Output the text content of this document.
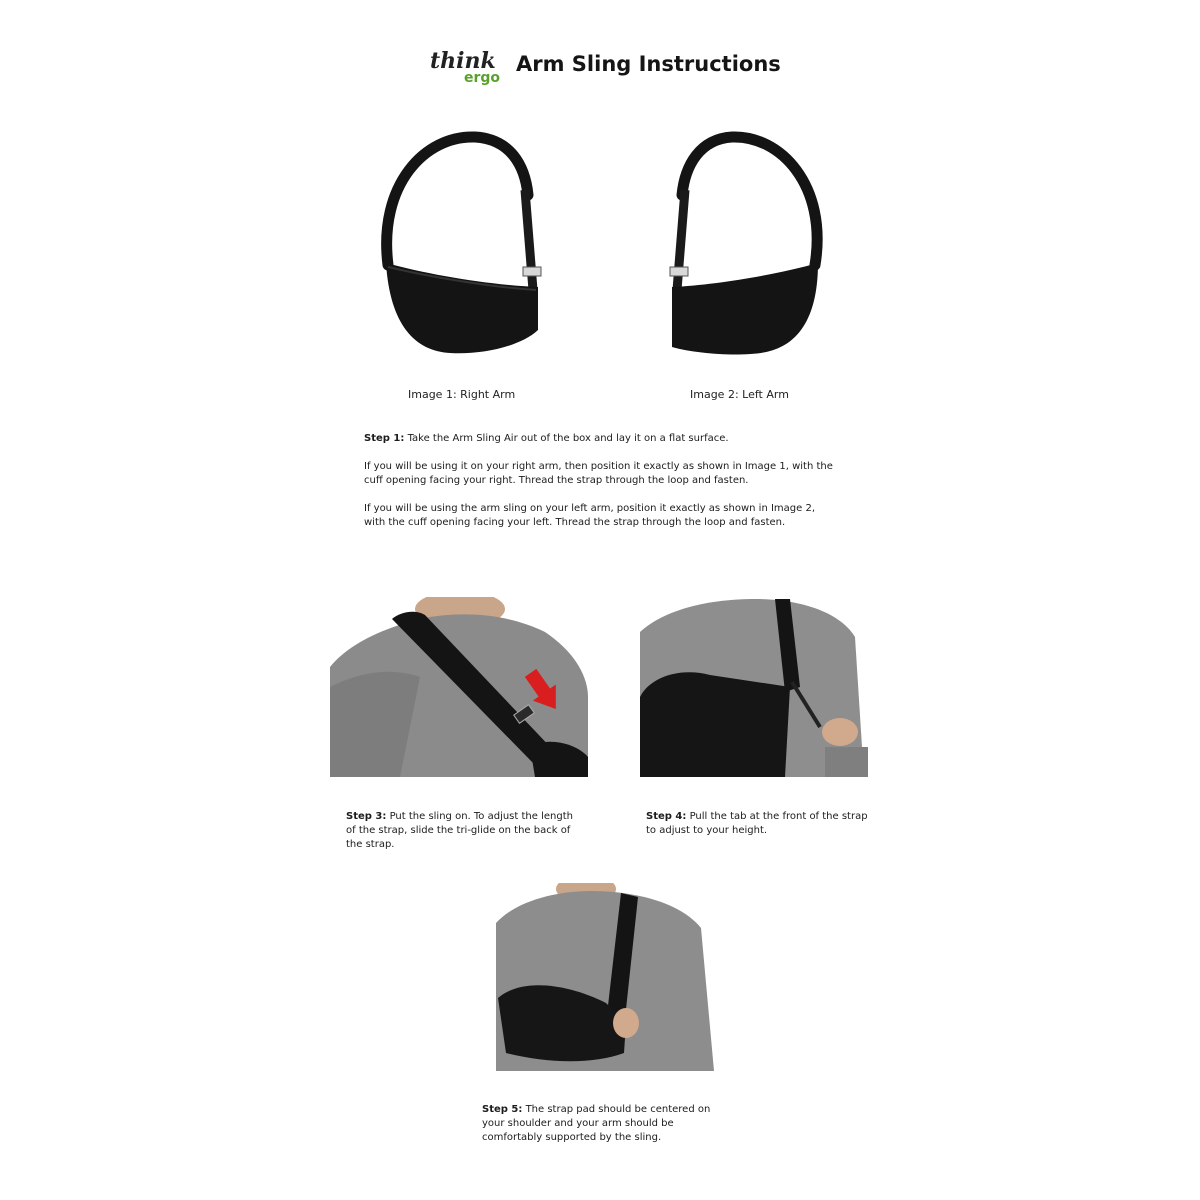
think
ergo
Arm Sling Instructions
Image 1: Right Arm	Image 2: Left Arm

Step 1: Take the Arm Sling Air out of the box and lay it on a flat surface.

If you will be using it on your right arm, then position it exactly as shown in Image 1, with the cuff opening facing your right. Thread the strap through the loop and fasten.

If you will be using the arm sling on your left arm, position it exactly as shown in Image 2, with the cuff opening facing your left. Thread the strap through the loop and fasten.

Step 3: Put the sling on. To adjust the length of the strap, slide the tri-glide on the back of the strap.

Step 4: Pull the tab at the front of the strap to adjust to your height.

Step 5: The strap pad should be centered on your shoulder and your arm should be comfortably supported by the sling.
